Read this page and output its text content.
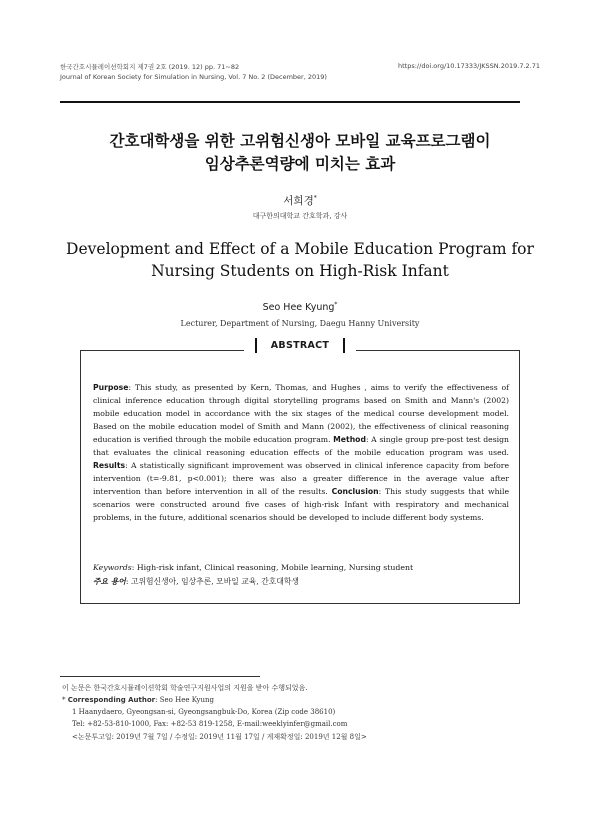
한국간호시뮬레이션학회지 제7권 2호 (2019. 12) pp. 71~82
Journal of Korean Society for Simulation in Nursing, Vol. 7 No. 2 (December, 2019)
https://doi.org/10.17333/JKSSN.2019.7.2.71
간호대학생을 위한 고위험신생아 모바일 교육프로그램이
임상추론역량에 미치는 효과
서희경*
대구한의대학교 간호학과, 강사
Development and Effect of a Mobile Education Program for
Nursing Students on High-Risk Infant
Seo Hee Kyung*
Lecturer, Department of Nursing, Daegu Hanny University
ABSTRACT
Purpose: This study, as presented by Kern, Thomas, and Hughes , aims to verify the effectiveness of clinical inference education through digital storytelling programs based on Smith and Mann's (2002) mobile education model in accordance with the six stages of the medical course development model. Based on the mobile education model of Smith and Mann (2002), the effectiveness of clinical reasoning education is verified through the mobile education program. Method: A single group pre-post test design that evaluates the clinical reasoning education effects of the mobile education program was used. Results: A statistically significant improvement was observed in clinical inference capacity from before intervention (t=-9.81, p<0.001); there was also a greater difference in the average value after intervention than before intervention in all of the results. Conclusion: This study suggests that while scenarios were constructed around five cases of high-risk Infant with respiratory and mechanical problems, in the future, additional scenarios should be developed to include different body systems.
Keywords: High-risk infant, Clinical reasoning, Mobile learning, Nursing student
주요 용어: 고위험신생아, 임상추론, 모바일 교육, 간호대학생
이 논문은 한국간호시뮬레이션학회 학술연구지원사업의 지원을 받아 수행되었음.
* Corresponding Author: Seo Hee Kyung
1 Haanydaero, Gyeongsan-si, Gyeongsangbuk-Do, Korea (Zip code 38610)
Tel: +82-53-810-1000, Fax: +82-53 819-1258, E-mail:weeklyinfer@gmail.com
<논문투고일: 2019년 7월 7일 / 수정일: 2019년 11월 17일 / 게재확정일: 2019년 12월 8일>
